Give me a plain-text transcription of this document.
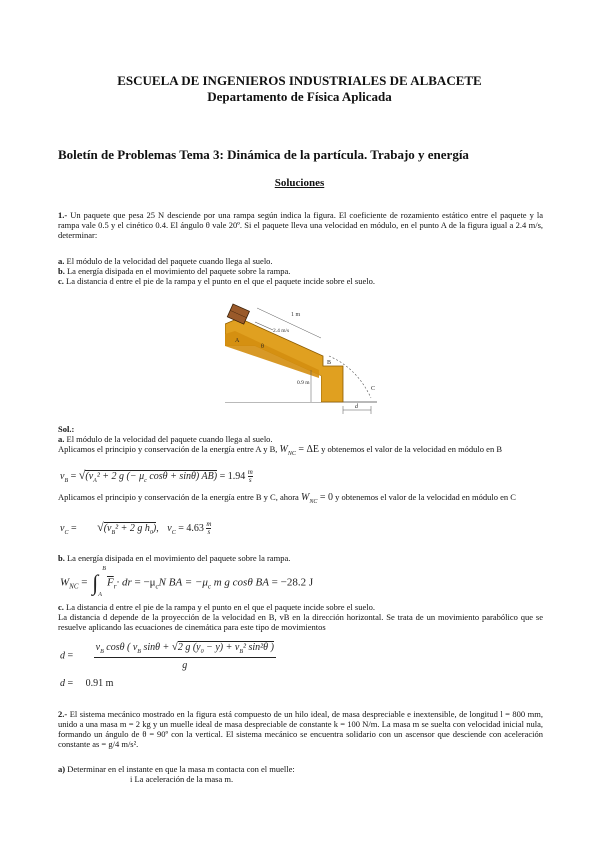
ESCUELA DE INGENIEROS INDUSTRIALES DE ALBACETE
Departamento de Física Aplicada
Boletín de Problemas Tema 3: Dinámica de la partícula. Trabajo y energía
Soluciones
1.- Un paquete que pesa 25 N desciende por una rampa según indica la figura. El coeficiente de rozamiento estático entre el paquete y la rampa vale 0.5 y el cinético 0.4. El ángulo θ vale 20º. Si el paquete lleva una velocidad en módulo, en el punto A de la figura igual a 2.4 m/s, determinar:
a. El módulo de la velocidad del paquete cuando llega al suelo.
b. La energía disipada en el movimiento del paquete sobre la rampa.
c. La distancia d entre el pie de la rampa y el punto en el que el paquete incide sobre el suelo.
1 m
2.4 m/s
A
θ
B
0.9 m
C
d
Sol.:
a. El módulo de la velocidad del paquete cuando llega al suelo.
Aplicamos el principio y conservación de la energía entre A y B, $W_{NC} = \Delta E$ y obtenemos el valor de la velocidad en módulo en B
$v_B = √(v_A^2 + 2$ g (− $\mu_c$ cosθ + sinθ) $AB) = 1.94 \frac{m}{s}$
Aplicamos el principio y conservación de la energía entre B y C, ahora $W_{NC} = 0$ y obtenemos el valor de la velocidad en módulo en C
$v_C = √(v_B^2 + 2$ g $h_0$), $v_C = 4.63 \frac{m}{s}$
b. La energía disipada en el movimiento del paquete sobre la rampa.
$W_{NC}$ = ∫
B
A
$\overline{F}_r\cdot$ dr = $-\mu_cN$ BA = $-\mu_c$ m g cosθ BA = −28.2 J
c. La distancia d entre el pie de la rampa y el punto en el que el paquete incide sobre el suelo.
La distancia d depende de la proyección de la velocidad en B, vB en la dirección horizontal. Se trata de un movimiento parabólico que se resuelve aplicando las ecuaciones de cinemática para este tipo de movimientos
$d = \frac{v_B \cos\theta ( v_B \sin\theta + √2 g (y_0 - y) + v_B^2 \sin^2\theta )}{g}$
d = 0.91 m
2.- El sistema mecánico mostrado en la figura está compuesto de un hilo ideal, de masa despreciable e inextensible, de longitud l = 800 mm, unido a una masa m = 2 kg y un muelle ideal de masa despreciable de constante k = 100 N/m. La masa m se suelta con velocidad inicial nula, formando un ángulo de θ = 90º con la vertical. El sistema mecánico se encuentra solidario con un ascensor que desciende con aceleración constante as = g/4 m/s².
a) Determinar en el instante en que la masa m contacta con el muelle:
i La aceleración de la masa m.
